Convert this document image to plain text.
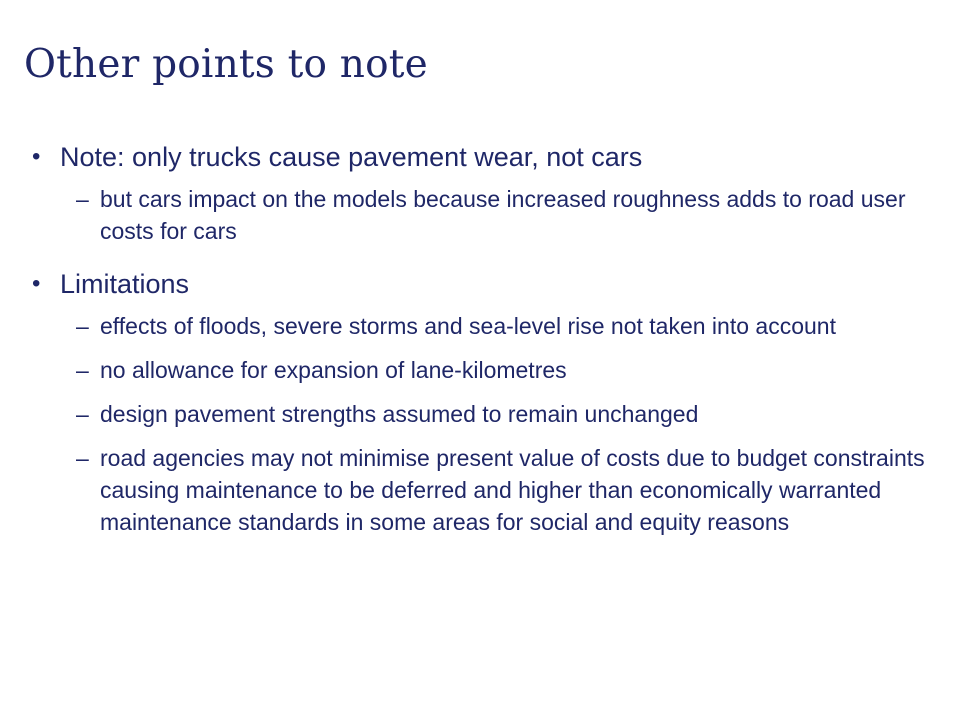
Other points to note
• Note: only trucks cause pavement wear, not cars
– but cars impact on the models because increased roughness adds to road user costs for cars
• Limitations
– effects of floods, severe storms and sea-level rise not taken into account
– no allowance for expansion of lane-kilometres
– design pavement strengths assumed to remain unchanged
– road agencies may not minimise present value of costs due to budget constraints causing maintenance to be deferred and higher than economically warranted maintenance standards in some areas for social and equity reasons
